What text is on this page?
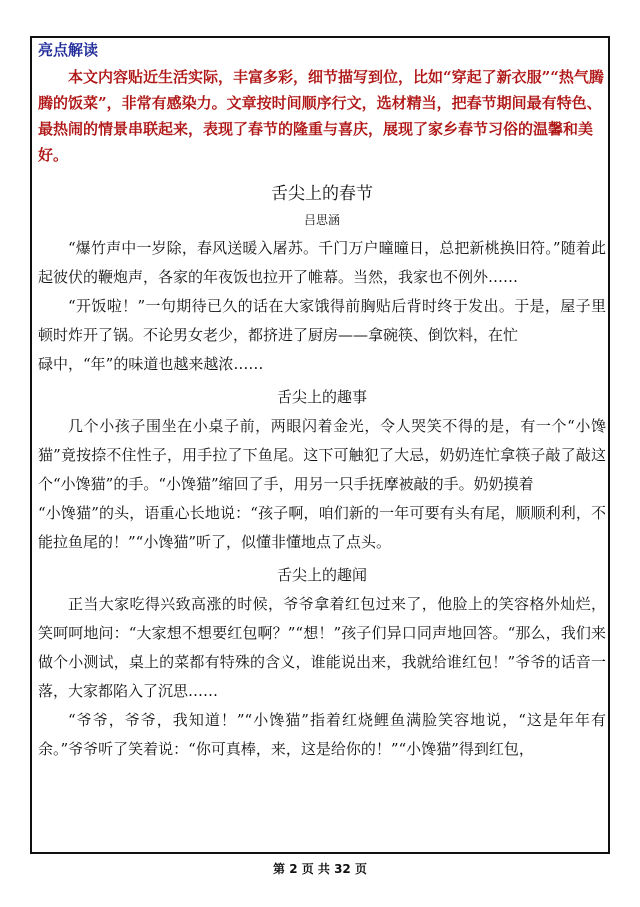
亮点解读

本文内容贴近生活实际，丰富多彩，细节描写到位，比如“穿起了新衣服”“热气腾腾的饭菜”，非常有感染力。文章按时间顺序行文，选材精当，把春节期间最有特色、最热闹的情景串联起来，表现了春节的隆重与喜庆，展现了家乡春节习俗的温馨和美好。

舌尖上的春节
吕思涵

“爆竹声中一岁除，春风送暖入屠苏。千门万户曈曈日，总把新桃换旧符。”随着此起彼伏的鞭炮声，各家的年夜饭也拉开了帷幕。当然，我家也不例外……

“开饭啦！”一句期待已久的话在大家饿得前胸贴后背时终于发出。于是，屋子里顿时炸开了锅。不论男女老少，都挤进了厨房——拿碗筷、倒饮料，在忙

碌中，“年”的味道也越来越浓……

舌尖上的趣事

几个小孩子围坐在小桌子前，两眼闪着金光，令人哭笑不得的是，有一个“小馋猫”竟按捺不住性子，用手拉了下鱼尾。这下可触犯了大忌，奶奶连忙拿筷子敲了敲这个“小馋猫”的手。“小馋猫”缩回了手，用另一只手抚摩被敲的手。奶奶摸着

“小馋猫”的头，语重心长地说：“孩子啊，咱们新的一年可要有头有尾，顺顺利利，不能拉鱼尾的！”“小馋猫”听了，似懂非懂地点了点头。

舌尖上的趣闻

正当大家吃得兴致高涨的时候，爷爷拿着红包过来了，他脸上的笑容格外灿烂，笑呵呵地问：“大家想不想要红包啊？”“想！”孩子们异口同声地回答。“那么，我们来做个小测试，桌上的菜都有特殊的含义，谁能说出来，我就给谁红包！”爷爷的话音一落，大家都陷入了沉思……

“爷爷，爷爷，我知道！”“小馋猫”指着红烧鲤鱼满脸笑容地说，“这是年年有余。”爷爷听了笑着说：“你可真棒，来，这是给你的！”“小馋猫”得到红包，

第 2 页 共 32 页
